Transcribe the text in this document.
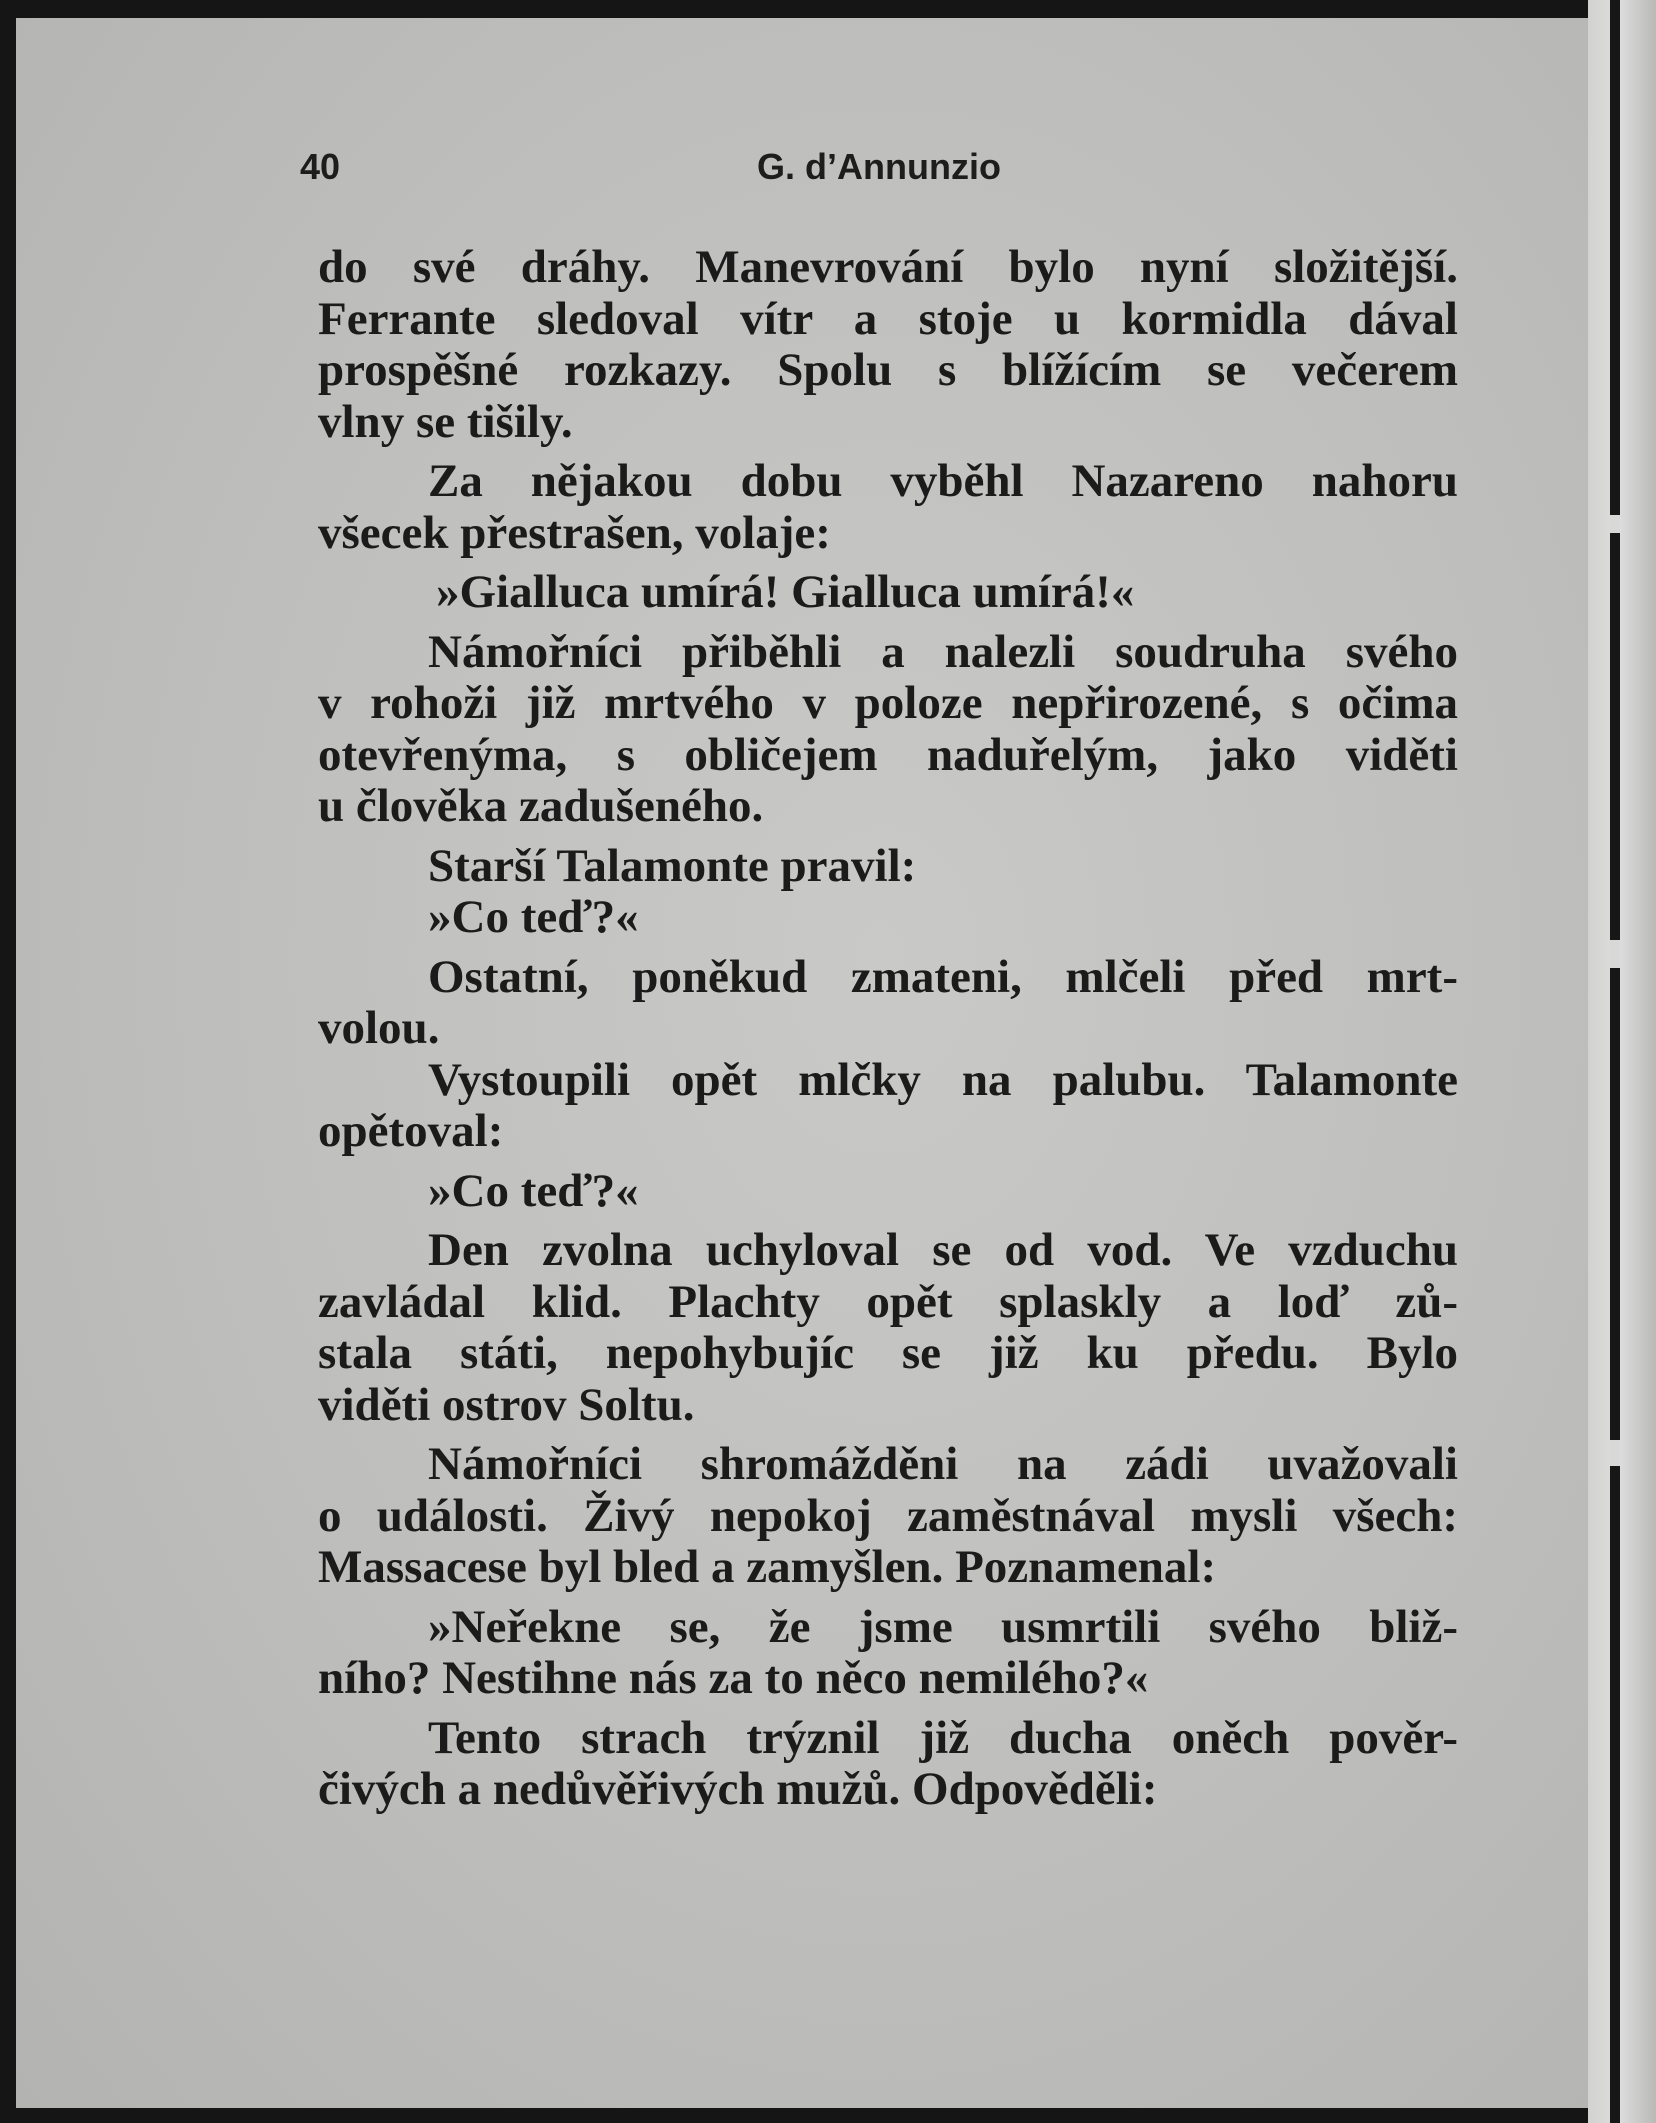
40	G. d’Annunzio
do své dráhy. Manevrování bylo nyní složitější.
Ferrante sledoval vítr a stoje u kormidla dával
prospěšné rozkazy. Spolu s blížícím se večerem
vlny se tišily.
Za nějakou dobu vyběhl Nazareno nahoru
všecek přestrašen, volaje:
»Gialluca umírá! Gialluca umírá!«
Námořníci přiběhli a nalezli soudruha svého
v rohoži již mrtvého v poloze nepřirozené, s očima
otevřenýma, s obličejem naduřelým, jako viděti
u člověka zadušeného.
Starší Talamonte pravil:
»Co teď?«
Ostatní, poněkud zmateni, mlčeli před mrt-
volou.
Vystoupili opět mlčky na palubu. Talamonte
opětoval:
»Co teď?«
Den zvolna uchyloval se od vod. Ve vzduchu
zavládal klid. Plachty opět splaskly a loď zů-
stala státi, nepohybujíc se již ku předu. Bylo
viděti ostrov Soltu.
Námořníci shromážděni na zádi uvažovali
o události. Živý nepokoj zaměstnával mysli všech:
Massacese byl bled a zamyšlen. Poznamenal:
»Neřekne se, že jsme usmrtili svého bliž-
ního? Nestihne nás za to něco nemilého?«
Tento strach trýznil již ducha oněch pověr-
čivých a nedůvěřivých mužů. Odpověděli:
